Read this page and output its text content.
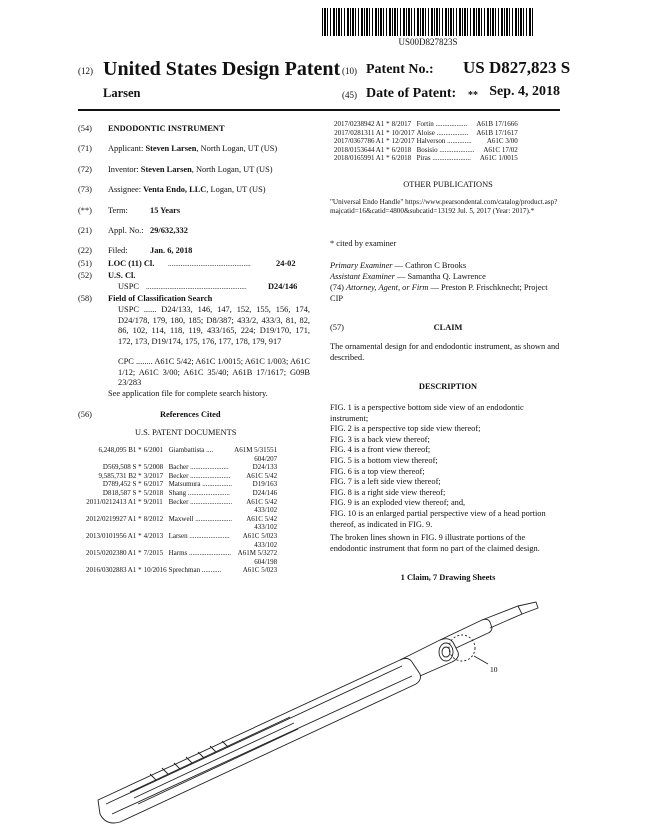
US00D827823S
(12) United States Design Patent (10) Patent No.: US D827,823 S
Larsen	(45) Date of Patent: ** Sep. 4, 2018
(54) ENDODONTIC INSTRUMENT
(71) Applicant: Steven Larsen, North Logan, UT (US)
(72) Inventor: Steven Larsen, North Logan, UT (US)
(73) Assignee: Venta Endo, LLC, Logan, UT (US)
(**) Term:	15 Years
(21) Appl. No.: 29/632,332
(22) Filed:	Jan. 6, 2018
(51) LOC (11) Cl. ..............................................	24-02
(52) U.S. Cl.
USPC ........................................................	D24/146
(58) Field of Classification Search
USPC ...... D24/133, 146, 147, 152, 155, 156, 174, D24/178, 179, 180, 185; D8/387; 433/2, 433/3, 81, 82, 86, 102, 114, 118, 119, 433/165, 224; D19/170, 171, 172, 173, D19/174, 175, 176, 177, 178, 179, 917
CPC ........ A61C 5/42; A61C 1/0015; A61C 1/003; A61C 1/12; A61C 3/00; A61C 35/40; A61B 17/1617; G09B 23/283
See application file for complete search history.
(56)	References Cited
U.S. PATENT DOCUMENTS
6,248,095 B1 *	6/2001	Giambattista ....	A61M 5/31551
			604/207
D569,508 S *	5/2008	Bacher ......................	D24/133
9,585,731 B2 *	3/2017	Becker .......................	A61C 5/42
D789,452 S *	6/2017	Matsumura .................	D19/163
D818,587 S *	5/2018	Shang ........................	D24/146
2011/0212413 A1 *	9/2011	Becker ........................	A61C 5/42
			433/102
2012/0219927 A1 *	8/2012	Maxwell .....................	A61C 5/42
			433/102
2013/0101956 A1 *	4/2013	Larsen .......................	A61C 5/023
			433/102
2015/0202380 A1 *	7/2015	Harms ........................	A61M 5/3272
			604/198
2016/0302883 A1 *	10/2016	Sprechman ...........	A61C 5/023
2017/0238942 A1 *	8/2017	Fortin ..................	A61B 17/1666
2017/0281311 A1 *	10/2017	Aloise ..................	A61B 17/1617
2017/0367786 A1 *	12/2017	Halverson ..............	A61C 3/00
2018/0153644 A1 *	6/2018	Bosisio ....................	A61C 17/02
2018/0165991 A1 *	6/2018	Piras ......................	A61C 1/0015
OTHER PUBLICATIONS
"Universal Endo Handle" https://www.pearsondental.com/catalog/product.asp?majcatid=16&catid=4800&subcatid=13192 Jul. 5, 2017 (Year: 2017).*
* cited by examiner
Primary Examiner — Cathron C Brooks
Assistant Examiner — Samantha Q. Lawrence
(74) Attorney, Agent, or Firm — Preston P. Frischknecht; Project CIP
(57)	CLAIM
The ornamental design for and endodontic instrument, as shown and described.
DESCRIPTION
FIG. 1 is a perspective bottom side view of an endodontic instrument;
FIG. 2 is a perspective top side view thereof;
FIG. 3 is a back view thereof;
FIG. 4 is a front view thereof;
FIG. 5 is a bottom view thereof;
FIG. 6 is a top view thereof;
FIG. 7 is a left side view thereof;
FIG. 8 is a right side view thereof;
FIG. 9 is an exploded view thereof; and,
FIG. 10 is an enlarged partial perspective view of a head portion thereof, as indicated in FIG. 9.
The broken lines shown in FIG. 9 illustrate portions of the endodontic instrument that form no part of the claimed design.
1 Claim, 7 Drawing Sheets
10
